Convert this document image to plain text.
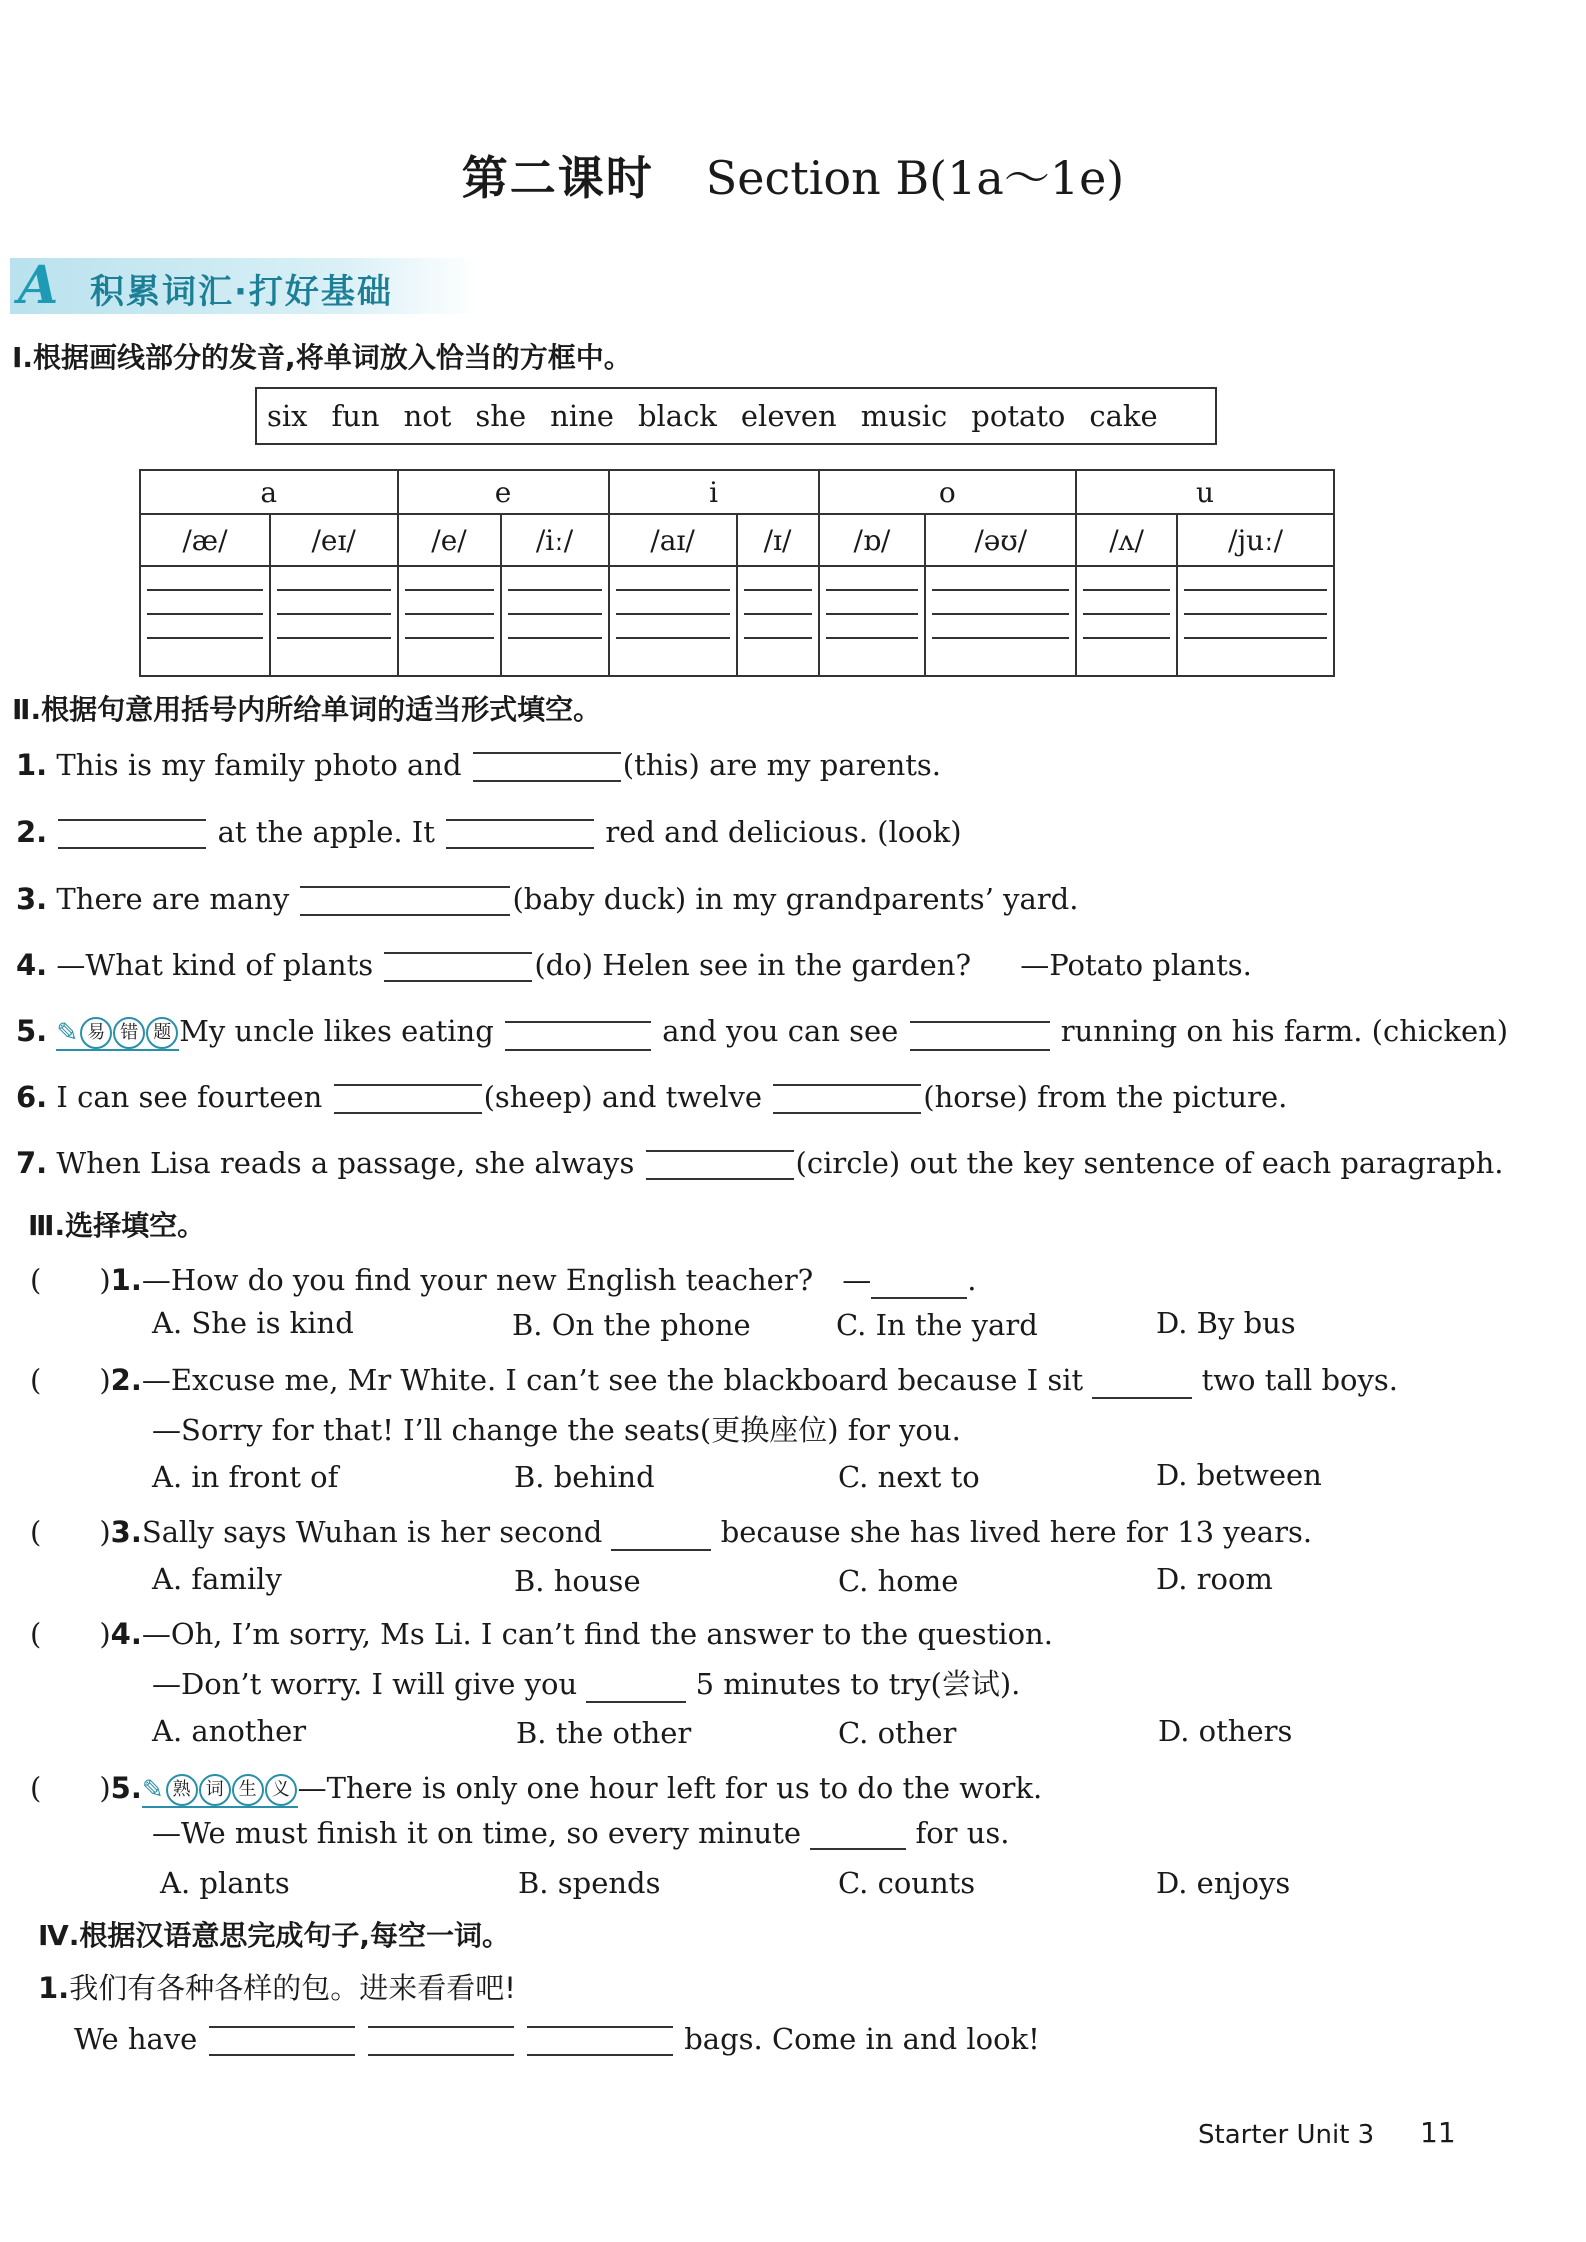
第二课时 Section B(1a～1e)
A 积累词汇·打好基础
Ⅰ.根据画线部分的发音,将单词放入恰当的方框中。
six fun not she nine black eleven music potato cake
a		e		i		o		u	
/æ/	/eɪ/	/e/	/iː/	/aɪ/	/ɪ/	/ɒ/	/əʊ/	/ʌ/	/juː/

Ⅱ.根据句意用括号内所给单词的适当形式填空。
1. This is my family photo and	(this) are my parents.
2.	at the apple. It	red and delicious. (look)
3. There are many	(baby duck) in my grandparents’ yard.
4. —What kind of plants	(do) Helen see in the garden? —Potato plants.
5. ✎ 易 错 题 My uncle likes eating	and you can see	running on his farm. (chicken)
6. I can see fourteen	(sheep) and twelve	(horse) from the picture.
7. When Lisa reads a passage, she always	(circle) out the key sentence of each paragraph.
Ⅲ.选择填空。
(　　)1.—How do you find your new English teacher?　—	.
A. She is kind	B. On the phone	C. In the yard	D. By bus
(　　)2.—Excuse me, Mr White. I can’t see the blackboard because I sit	two tall boys.
—Sorry for that! I’ll change the seats(更换座位) for you.
A. in front of	B. behind	C. next to	D. between
(　　)3.Sally says Wuhan is her second	because she has lived here for 13 years.
A. family	B. house	C. home	D. room
(　　)4.—Oh, I’m sorry, Ms Li. I can’t find the answer to the question.
—Don’t worry. I will give you	5 minutes to try(尝试).
A. another	B. the other	C. other	D. others
(　　)5.✎ 熟 词 生 义 —There is only one hour left for us to do the work.
—We must finish it on time, so every minute	for us.
A. plants	B. spends	C. counts	D. enjoys
Ⅳ.根据汉语意思完成句子,每空一词。
1.我们有各种各样的包。进来看看吧!
We have	bags. Come in and look!
Starter Unit 3 11
